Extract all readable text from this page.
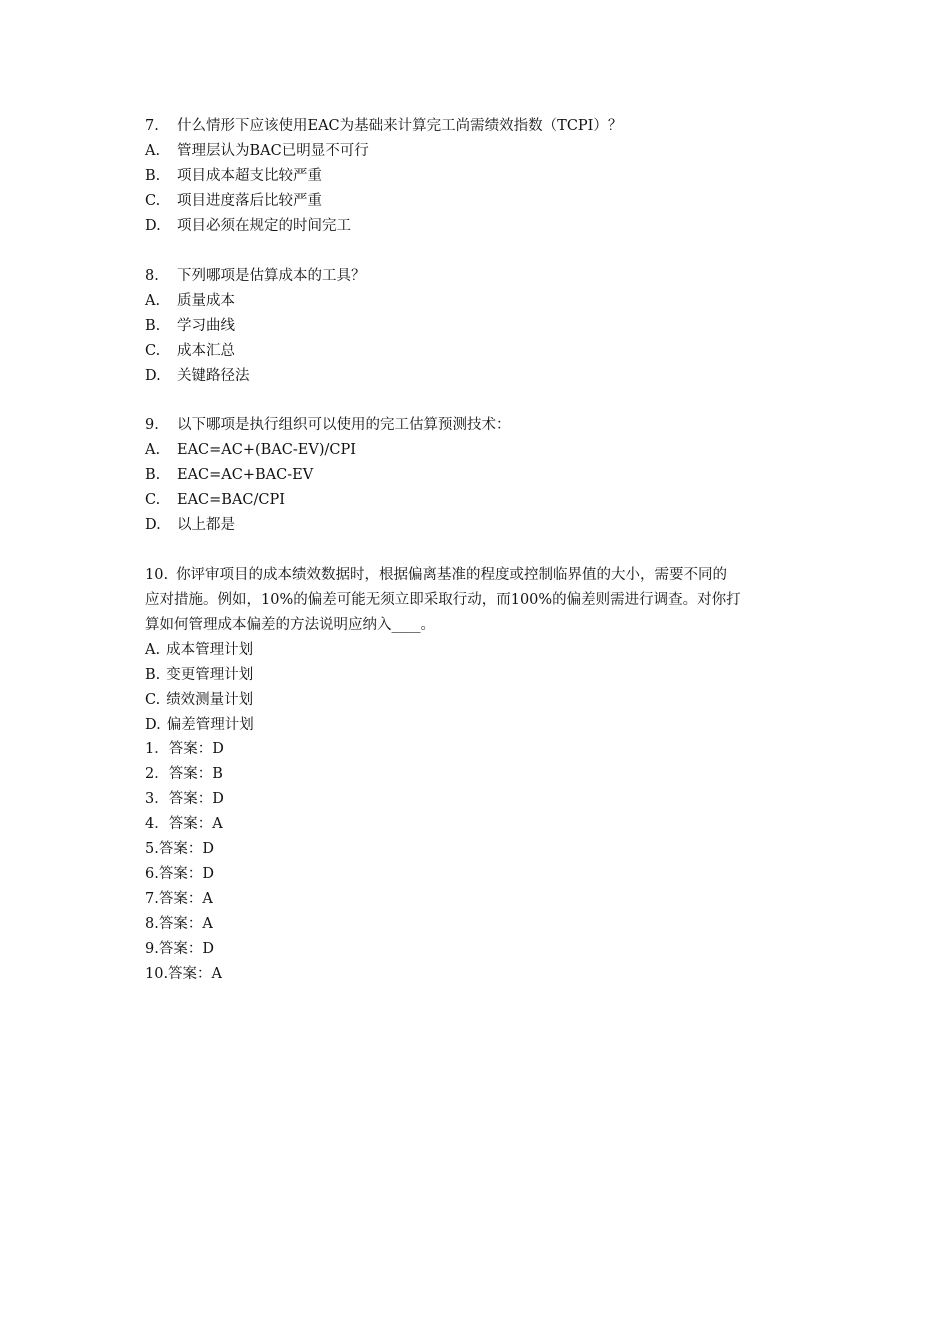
7. 什么情形下应该使用EAC为基础来计算完工尚需绩效指数（TCPI）？
A. 管理层认为BAC已明显不可行
B. 项目成本超支比较严重
C. 项目进度落后比较严重
D. 项目必须在规定的时间完工
8. 下列哪项是估算成本的工具？
A. 质量成本
B. 学习曲线
C. 成本汇总
D. 关键路径法
9. 以下哪项是执行组织可以使用的完工估算预测技术：
A. EAC=AC+(BAC-EV)/CPI
B. EAC=AC+BAC-EV
C. EAC=BAC/CPI
D. 以上都是
10. 你评审项目的成本绩效数据时，根据偏离基准的程度或控制临界值的大小，需要不同的
应对措施。例如，10%的偏差可能无须立即采取行动，而100%的偏差则需进行调查。对你打
算如何管理成本偏差的方法说明应纳入____。
A. 成本管理计划
B. 变更管理计划
C. 绩效测量计划
D. 偏差管理计划
1．答案：D
2．答案：B
3．答案：D
4．答案：A
5.答案：D
6.答案：D
7.答案：A
8.答案：A
9.答案：D
10.答案：A
